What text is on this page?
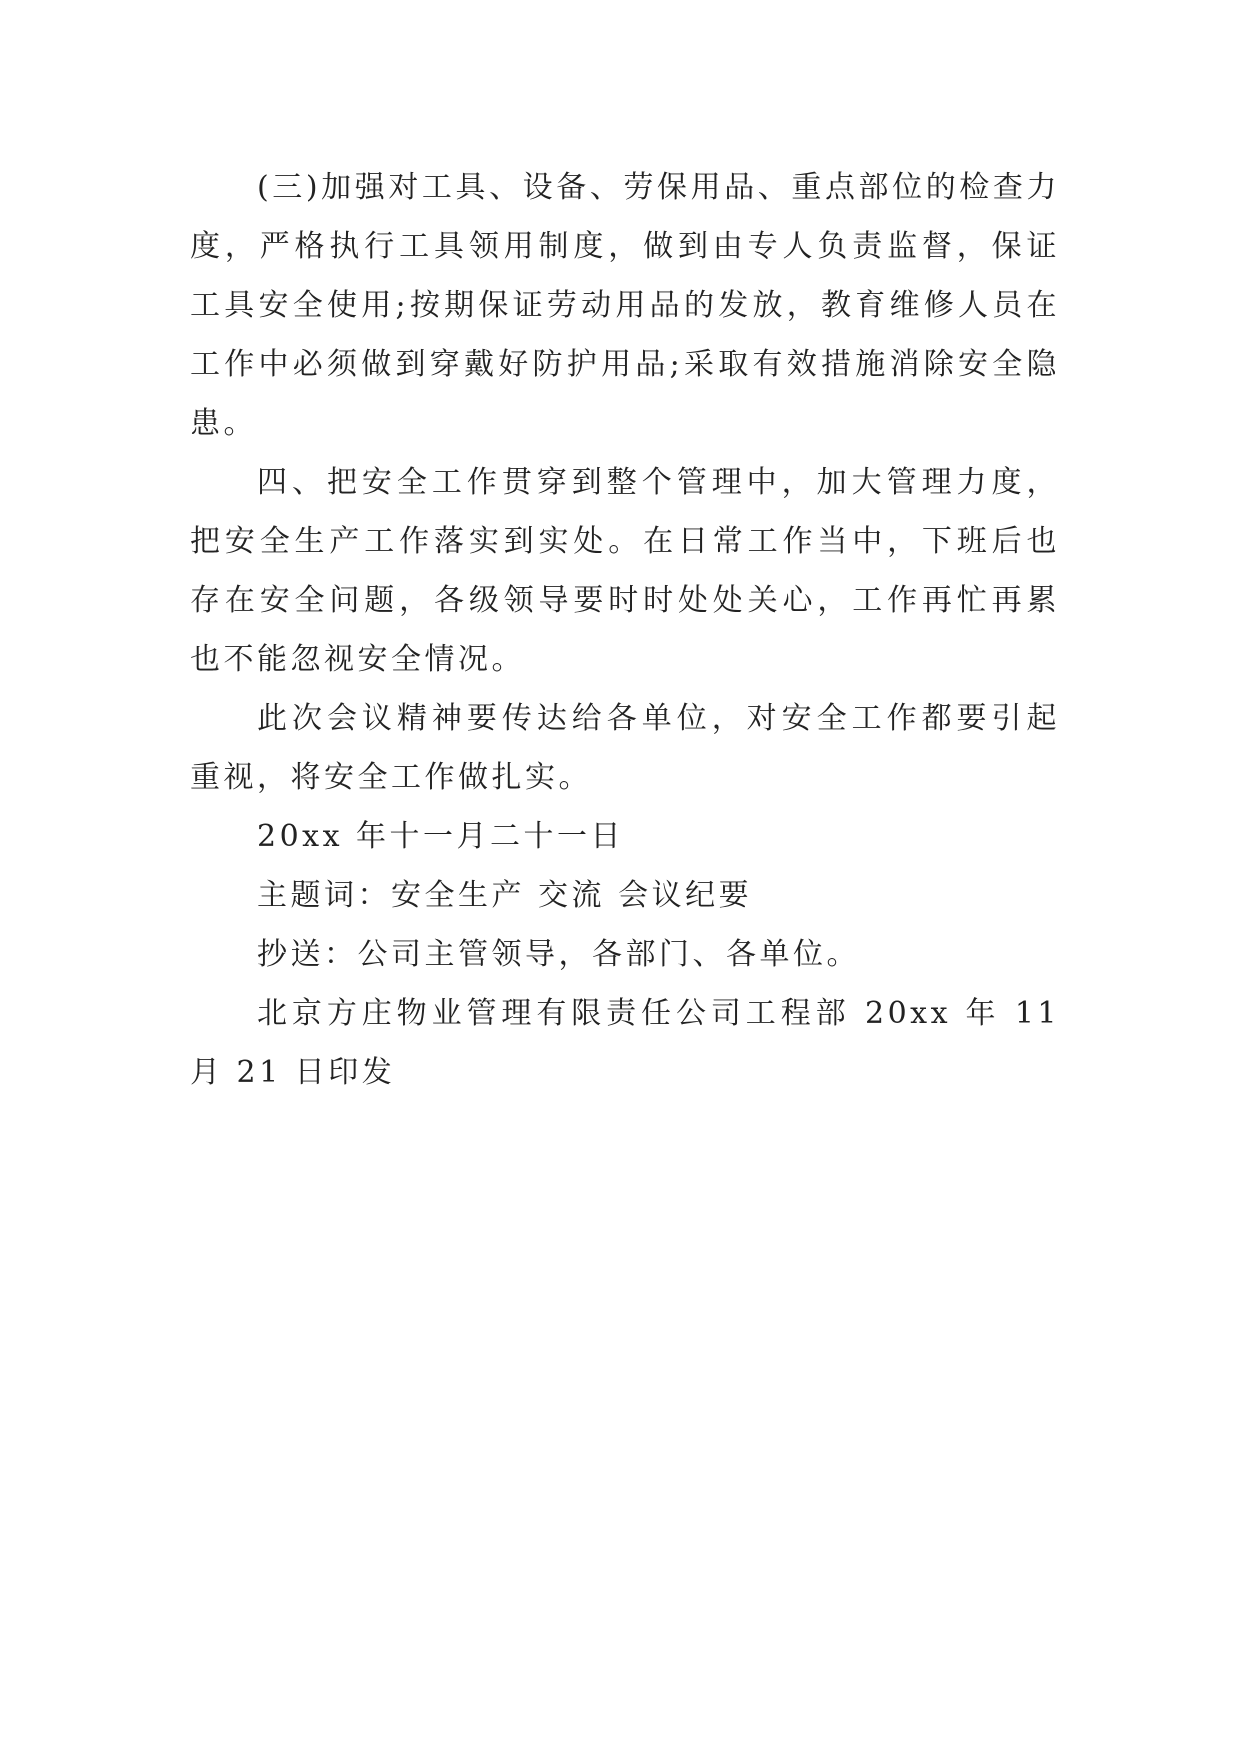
(三)加强对工具、设备、劳保用品、重点部位的检查力度，严格执行工具领用制度，做到由专人负责监督，保证工具安全使用;按期保证劳动用品的发放，教育维修人员在工作中必须做到穿戴好防护用品;采取有效措施消除安全隐患。

四、把安全工作贯穿到整个管理中，加大管理力度，把安全生产工作落实到实处。在日常工作当中，下班后也存在安全问题，各级领导要时时处处关心，工作再忙再累也不能忽视安全情况。

此次会议精神要传达给各单位，对安全工作都要引起重视，将安全工作做扎实。

20xx 年十一月二十一日

主题词：安全生产 交流 会议纪要

抄送：公司主管领导，各部门、各单位。

北京方庄物业管理有限责任公司工程部 20xx 年 11 月 21 日印发
